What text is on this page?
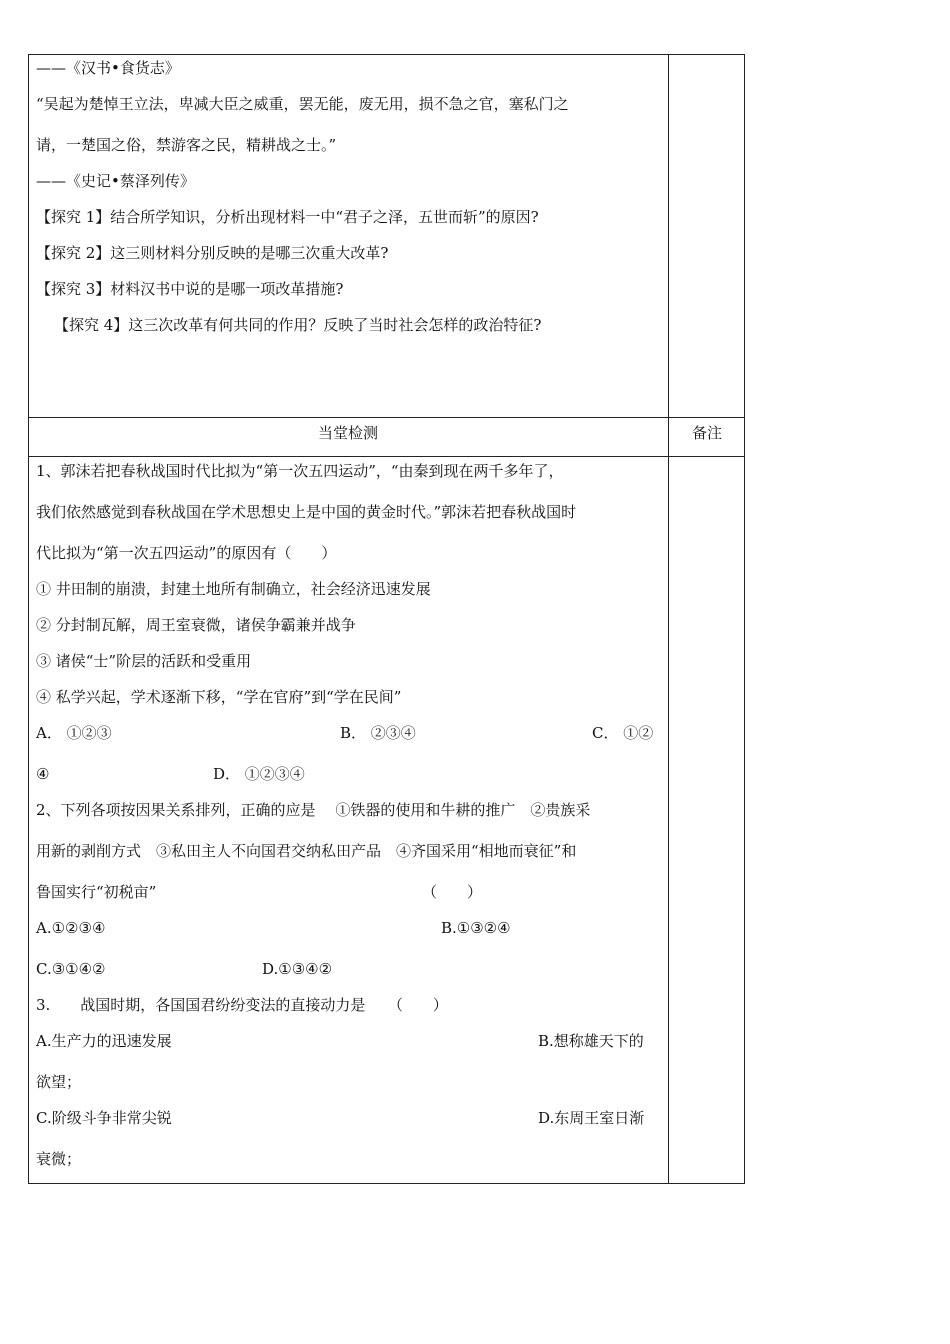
——《汉书•食货志》
“吴起为楚悼王立法，卑减大臣之威重，罢无能，废无用，损不急之官，塞私门之
请，一楚国之俗，禁游客之民，精耕战之士。”
——《史记•蔡泽列传》
【探究 1】结合所学知识，分析出现材料一中“君子之泽，五世而斩”的原因?
【探究 2】这三则材料分别反映的是哪三次重大改革?
【探究 3】材料汉书中说的是哪一项改革措施?
【探究 4】这三次改革有何共同的作用？反映了当时社会怎样的政治特征?
当堂检测	备注
1、郭沫若把春秋战国时代比拟为“第一次五四运动”，“由秦到现在两千多年了，
我们依然感觉到春秋战国在学术思想史上是中国的黄金时代。”郭沫若把春秋战国时
代比拟为“第一次五四运动”的原因有（　　）
① 井田制的崩溃，封建土地所有制确立，社会经济迅速发展
② 分封制瓦解，周王室衰微，诸侯争霸兼并战争
③ 诸侯“士”阶层的活跃和受重用
④ 私学兴起，学术逐渐下移，“学在官府”到“学在民间”
A． ①②③	B． ②③④	C． ①②
④	D． ①②③④
2、下列各项按因果关系排列，正确的应是　 ①铁器的使用和牛耕的推广　②贵族采
用新的剥削方式　③私田主人不向国君交纳私田产品　④齐国采用“相地而衰征”和
鲁国实行“初税亩”	（　　）
A.①②③④	B.①③②④
C.③①④②	D.①③④②
3.　　战国时期，各国国君纷纷变法的直接动力是　　（　　）
A.生产力的迅速发展	B.想称雄天下的
欲望；
C.阶级斗争非常尖锐	D.东周王室日渐
衰微；
